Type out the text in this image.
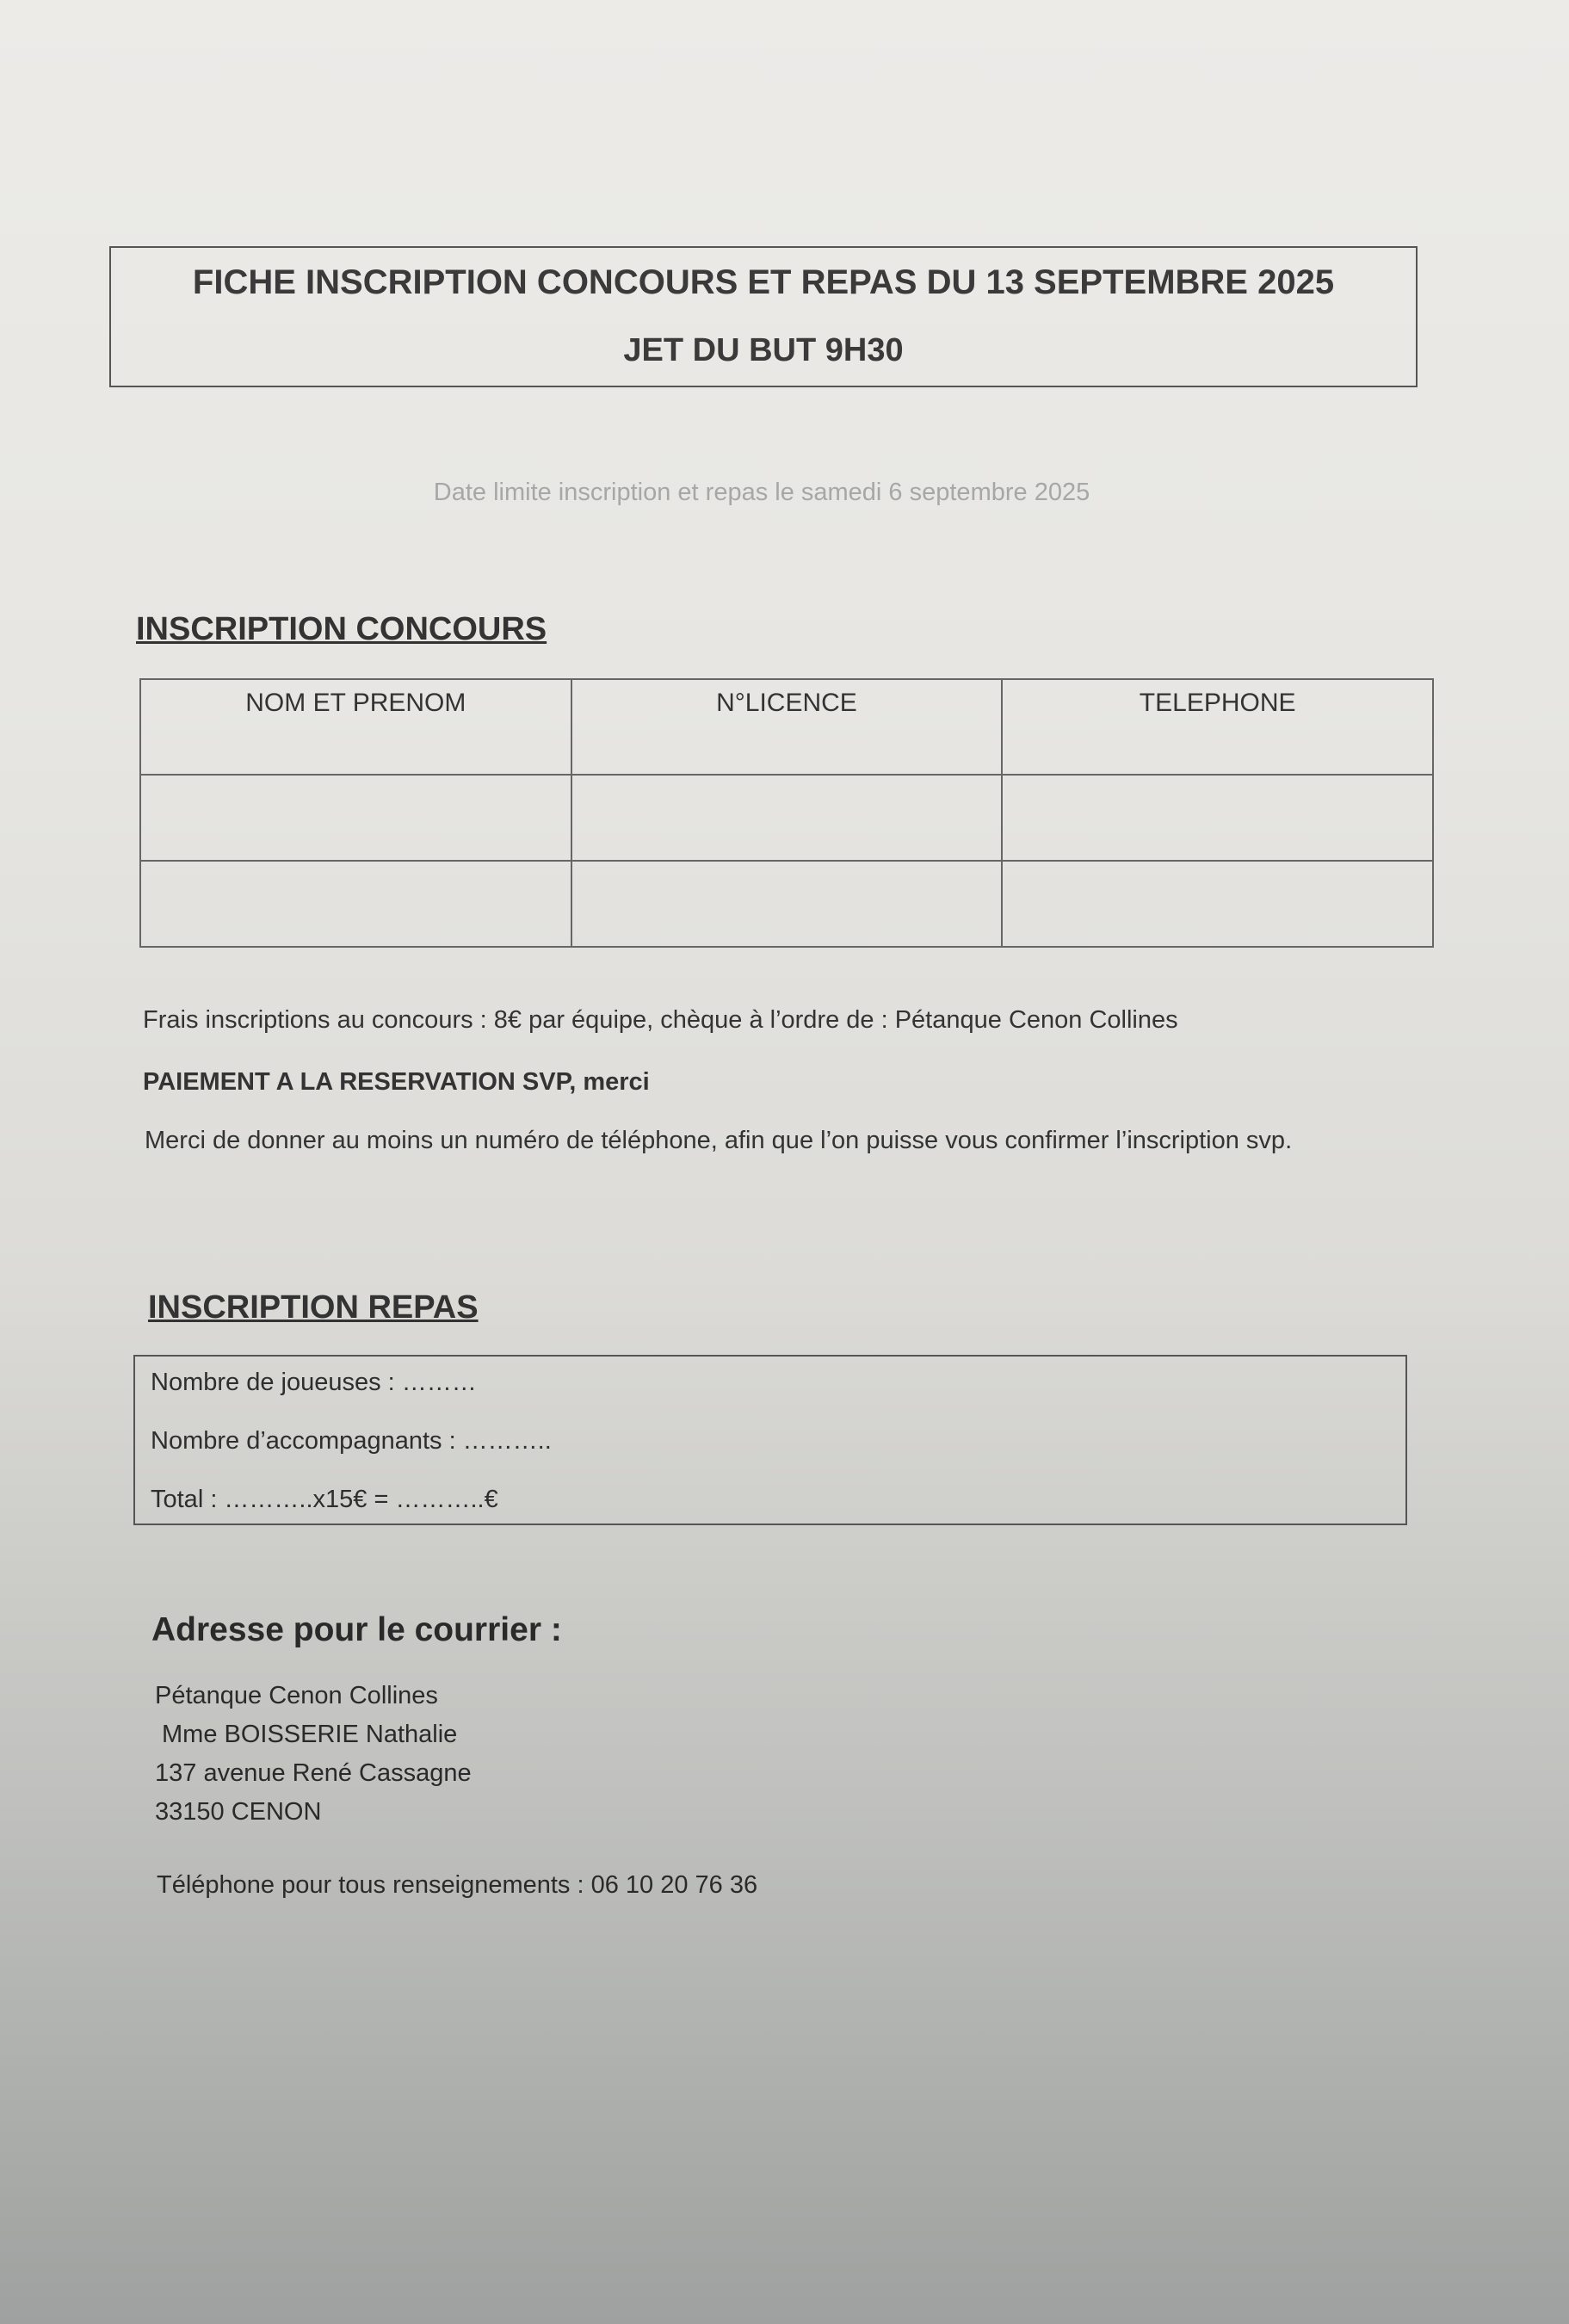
FICHE INSCRIPTION CONCOURS ET REPAS DU 13 SEPTEMBRE 2025
JET DU BUT 9H30
Date limite inscription et repas le samedi 6 septembre 2025
INSCRIPTION CONCOURS
NOM ET PRENOM	N°LICENCE	TELEPHONE

Frais inscriptions au concours : 8€ par équipe, chèque à l’ordre de : Pétanque Cenon Collines
PAIEMENT A LA RESERVATION SVP, merci
Merci de donner au moins un numéro de téléphone, afin que l’on puisse vous confirmer l’inscription svp.
INSCRIPTION REPAS
Nombre de joueuses : ………
Nombre d’accompagnants : ………..
Total : ………..x15€ = ………..€
Adresse pour le courrier :
Pétanque Cenon Collines
Mme BOISSERIE Nathalie
137 avenue René Cassagne
33150 CENON
Téléphone pour tous renseignements : 06 10 20 76 36
